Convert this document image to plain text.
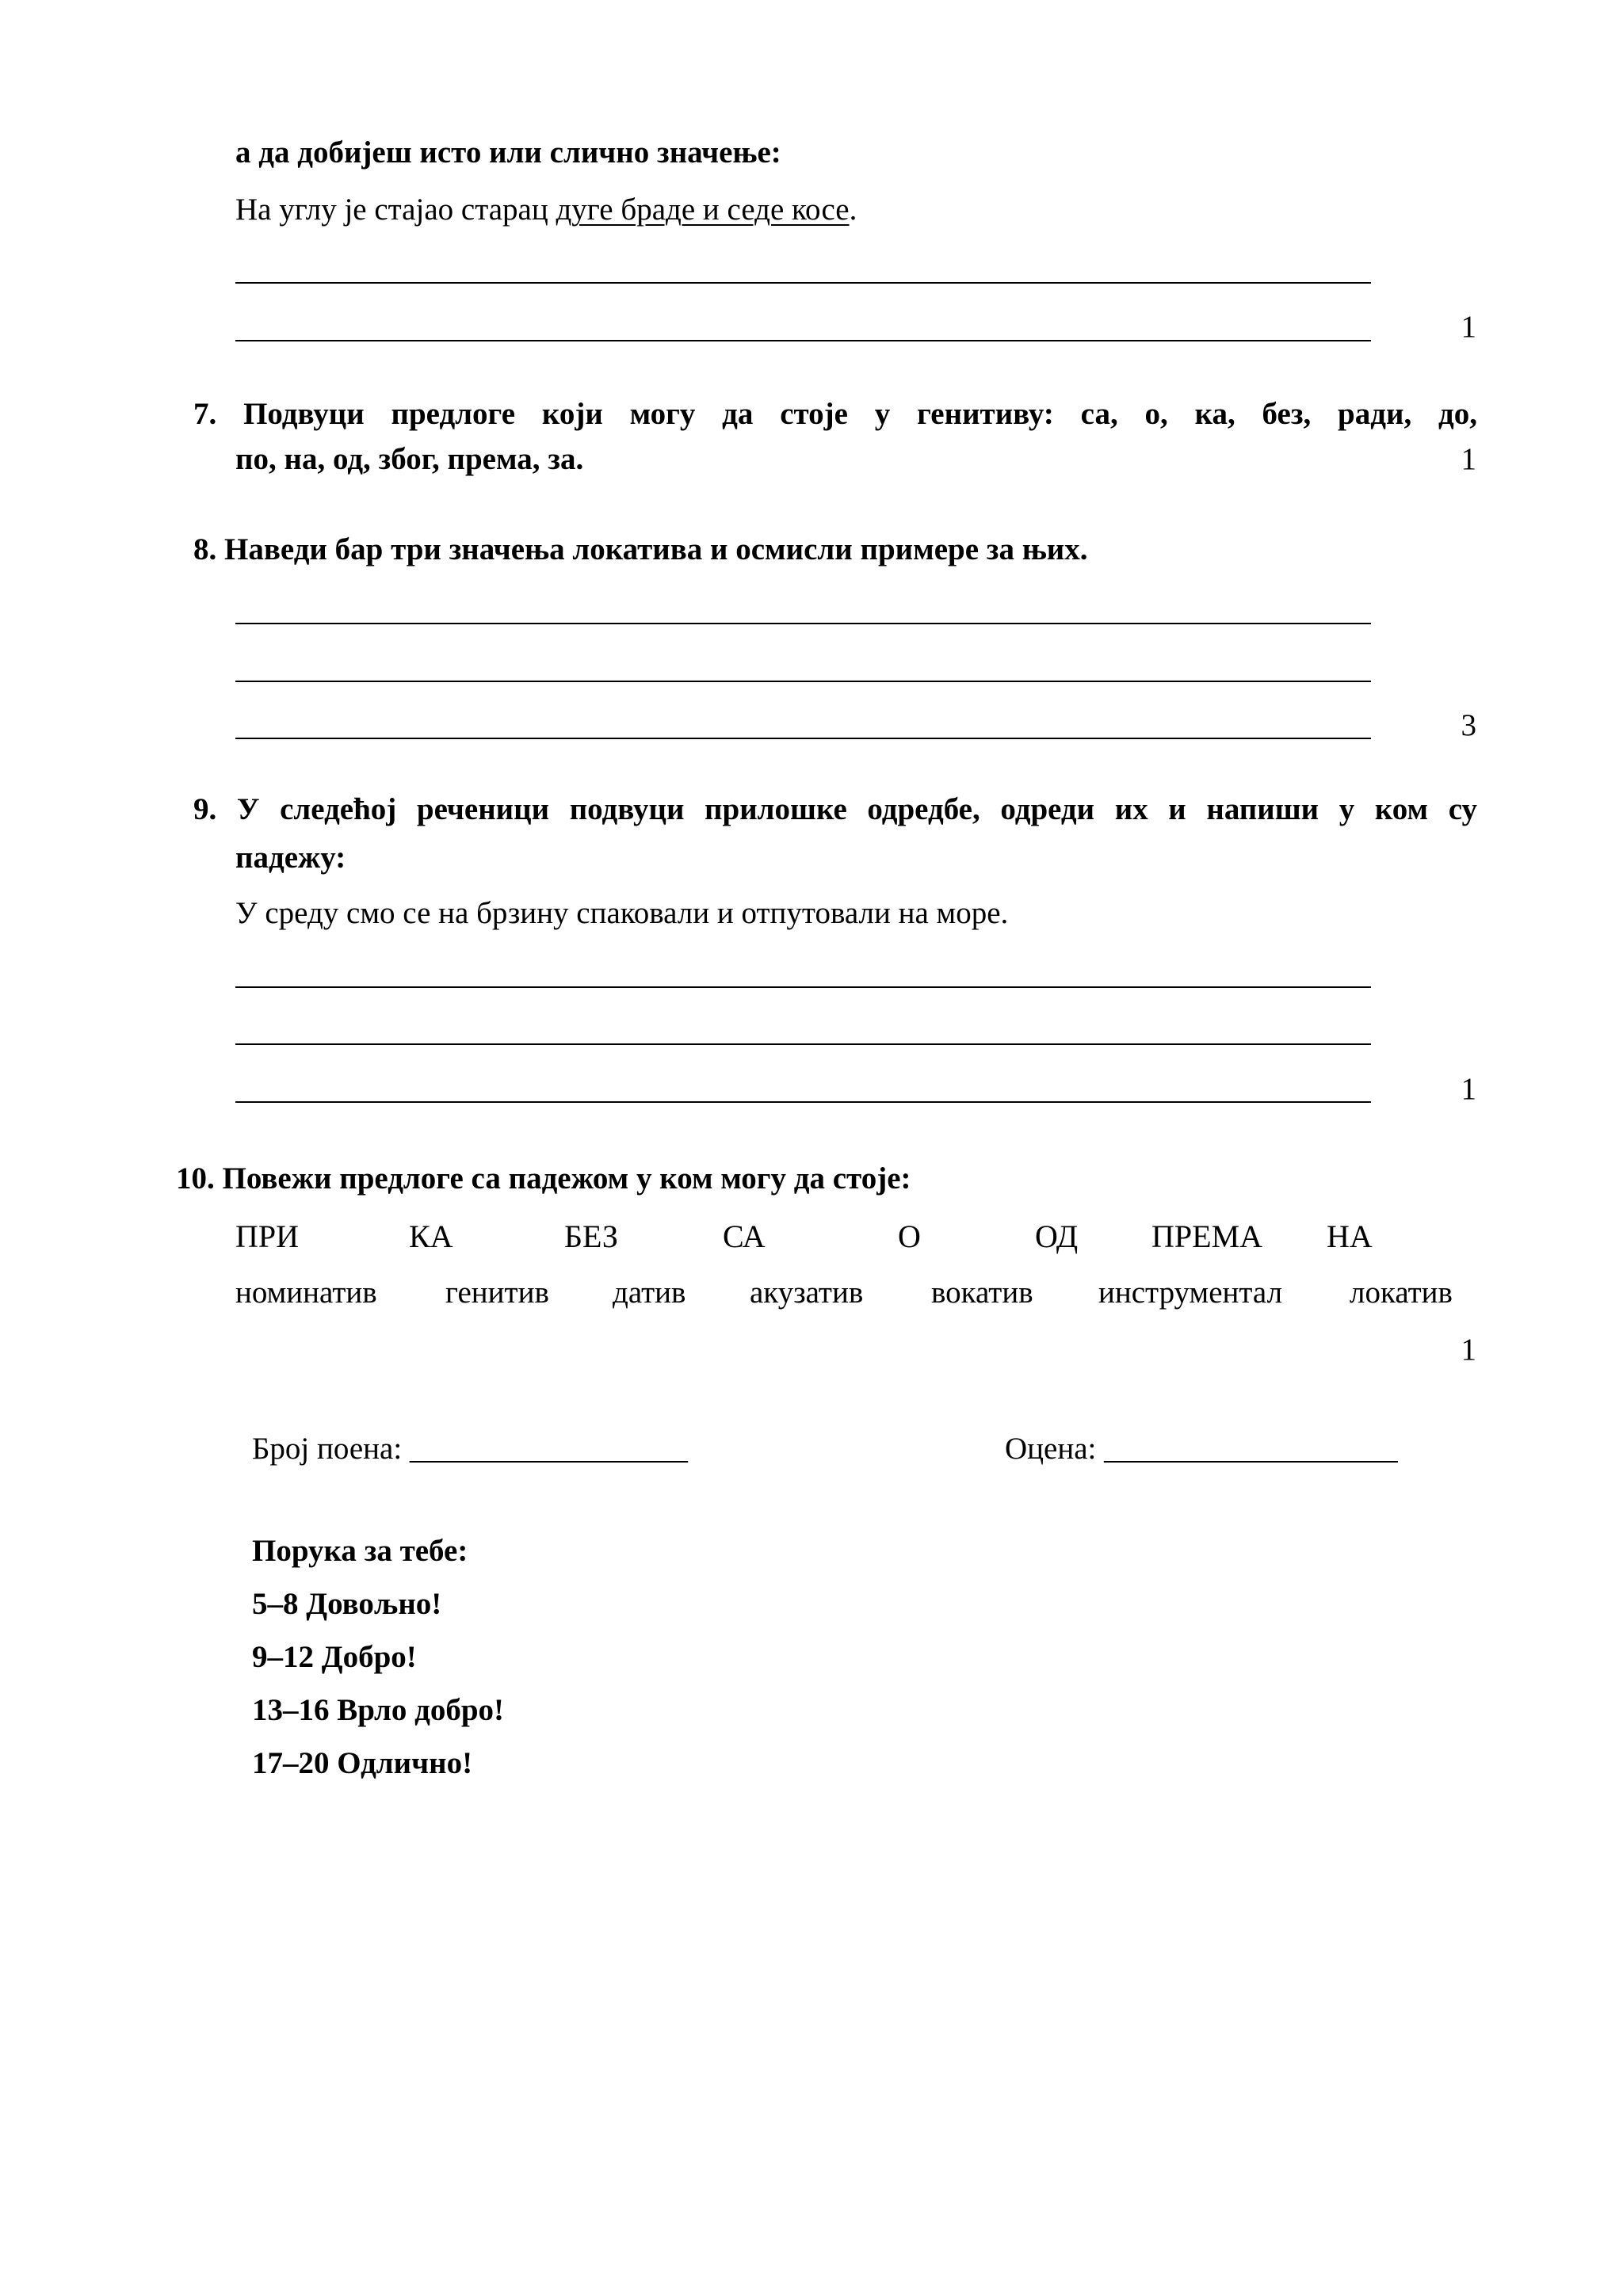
а да добијеш исто или слично значење:
На углу је стајао старац дуге браде и седе косе.
1
7. Подвуци предлоге који могу да стоје у генитиву: са, о, ка, без, ради, до,
по, на, од, због, према, за.	1
8. Наведи бар три значења локатива и осмисли примере за њих.
3
9. У следећој реченици подвуци прилошке одредбе, одреди их и напиши у ком су
падежу:
У среду смо се на брзину спаковали и отпутовали на море.
1
10. Повежи предлоге са падежом у ком могу да стоје:
ПРИ	КА	БЕЗ	СА	О	ОД ПРЕМА НА
номинатив генитив датив акузатив вокатив инструментал локатив
1
Број поена: __________________	Оцена: ___________________
Порука за тебе:
5–8 Довољно!
9–12 Добро!
13–16 Врло добро!
17–20 Одлично!
